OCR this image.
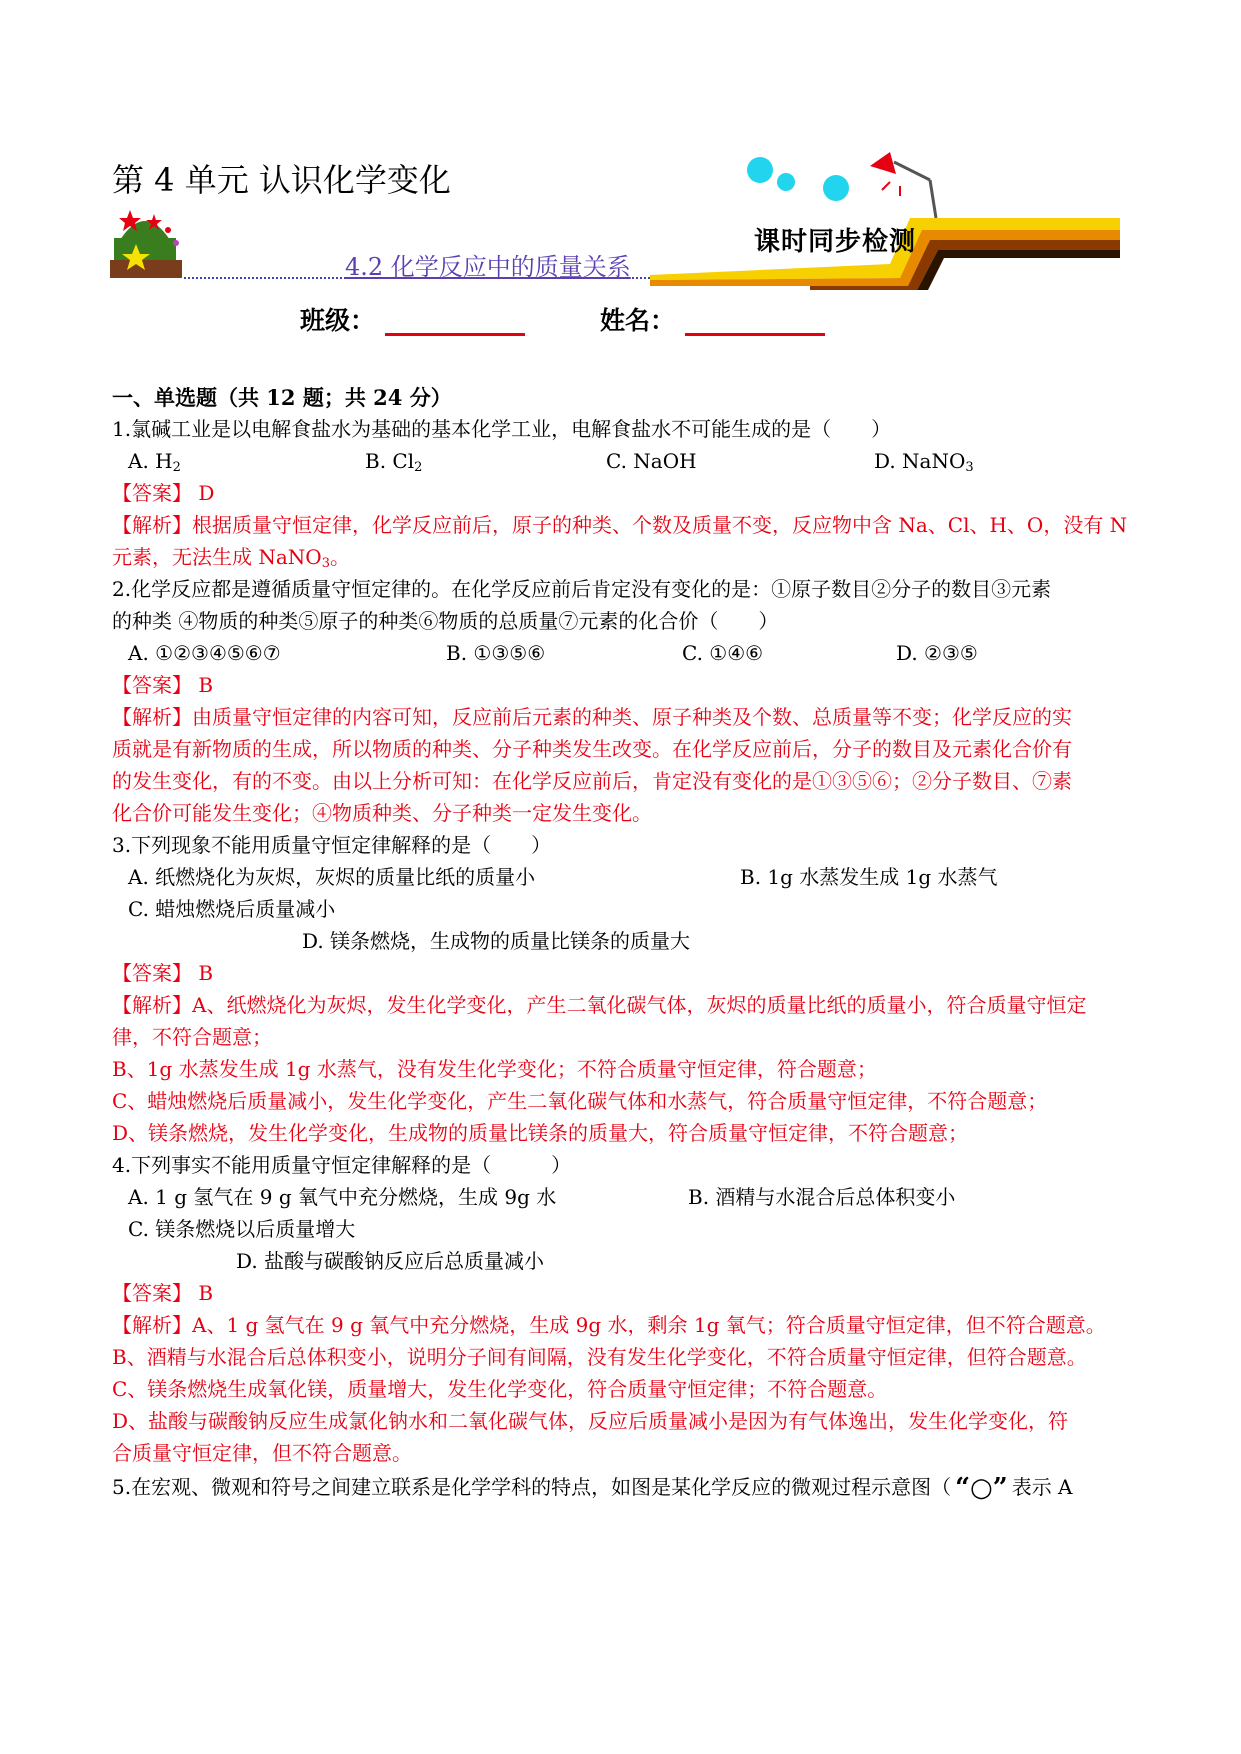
第 4 单元 认识化学变化
课时同步检测
4.2 化学反应中的质量关系
班级：	姓名：
一、单选题（共 12 题；共 24 分）
1.氯碱工业是以电解食盐水为基础的基本化学工业，电解食盐水不可能生成的是（　　）
A. $H_2$	B. $Cl_2$	C. NaOH	D. NaNO$_3$
【答案】 D
【解析】根据质量守恒定律，化学反应前后，原子的种类、个数及质量不变，反应物中含 Na、Cl、H、O，没有 N
元素，无法生成 NaNO$_3$。
2.化学反应都是遵循质量守恒定律的。在化学反应前后肯定没有变化的是：①原子数目②分子的数目③元素
的种类 ④物质的种类⑤原子的种类⑥物质的总质量⑦元素的化合价（　　）
A. ①②③④⑤⑥⑦	B. ①③⑤⑥	C. ①④⑥	D. ②③⑤
【答案】 B
【解析】由质量守恒定律的内容可知，反应前后元素的种类、原子种类及个数、总质量等不变；化学反应的实
质就是有新物质的生成，所以物质的种类、分子种类发生改变。在化学反应前后，分子的数目及元素化合价有
的发生变化，有的不变。由以上分析可知：在化学反应前后，肯定没有变化的是①③⑤⑥；②分子数目、⑦素
化合价可能发生变化；④物质种类、分子种类一定发生变化。
3.下列现象不能用质量守恒定律解释的是（　　）
A. 纸燃烧化为灰烬，灰烬的质量比纸的质量小	B. 1g 水蒸发生成 1g 水蒸气
C. 蜡烛燃烧后质量减小
D. 镁条燃烧，生成物的质量比镁条的质量大
【答案】 B
【解析】A、纸燃烧化为灰烬，发生化学变化，产生二氧化碳气体，灰烬的质量比纸的质量小，符合质量守恒定
律，不符合题意；
B、1g 水蒸发生成 1g 水蒸气，没有发生化学变化；不符合质量守恒定律，符合题意；
C、蜡烛燃烧后质量减小，发生化学变化，产生二氧化碳气体和水蒸气，符合质量守恒定律，不符合题意；
D、镁条燃烧，发生化学变化，生成物的质量比镁条的质量大，符合质量守恒定律，不符合题意；
4.下列事实不能用质量守恒定律解释的是（　　　）
A. 1 g 氢气在 9 g 氧气中充分燃烧，生成 9g 水	B. 酒精与水混合后总体积变小
C. 镁条燃烧以后质量增大
D. 盐酸与碳酸钠反应后总质量减小
【答案】 B
【解析】A、1 g 氢气在 9 g 氧气中充分燃烧，生成 9g 水，剩余 1g 氧气；符合质量守恒定律，但不符合题意。
B、酒精与水混合后总体积变小，说明分子间有间隔，没有发生化学变化，不符合质量守恒定律，但符合题意。
C、镁条燃烧生成氧化镁，质量增大，发生化学变化，符合质量守恒定律；不符合题意。
D、盐酸与碳酸钠反应生成氯化钠水和二氧化碳气体，反应后质量减小是因为有气体逸出，发生化学变化，符
合质量守恒定律，但不符合题意。
5.在宏观、微观和符号之间建立联系是化学学科的特点，如图是某化学反应的微观过程示意图（ “○” 表示 A
